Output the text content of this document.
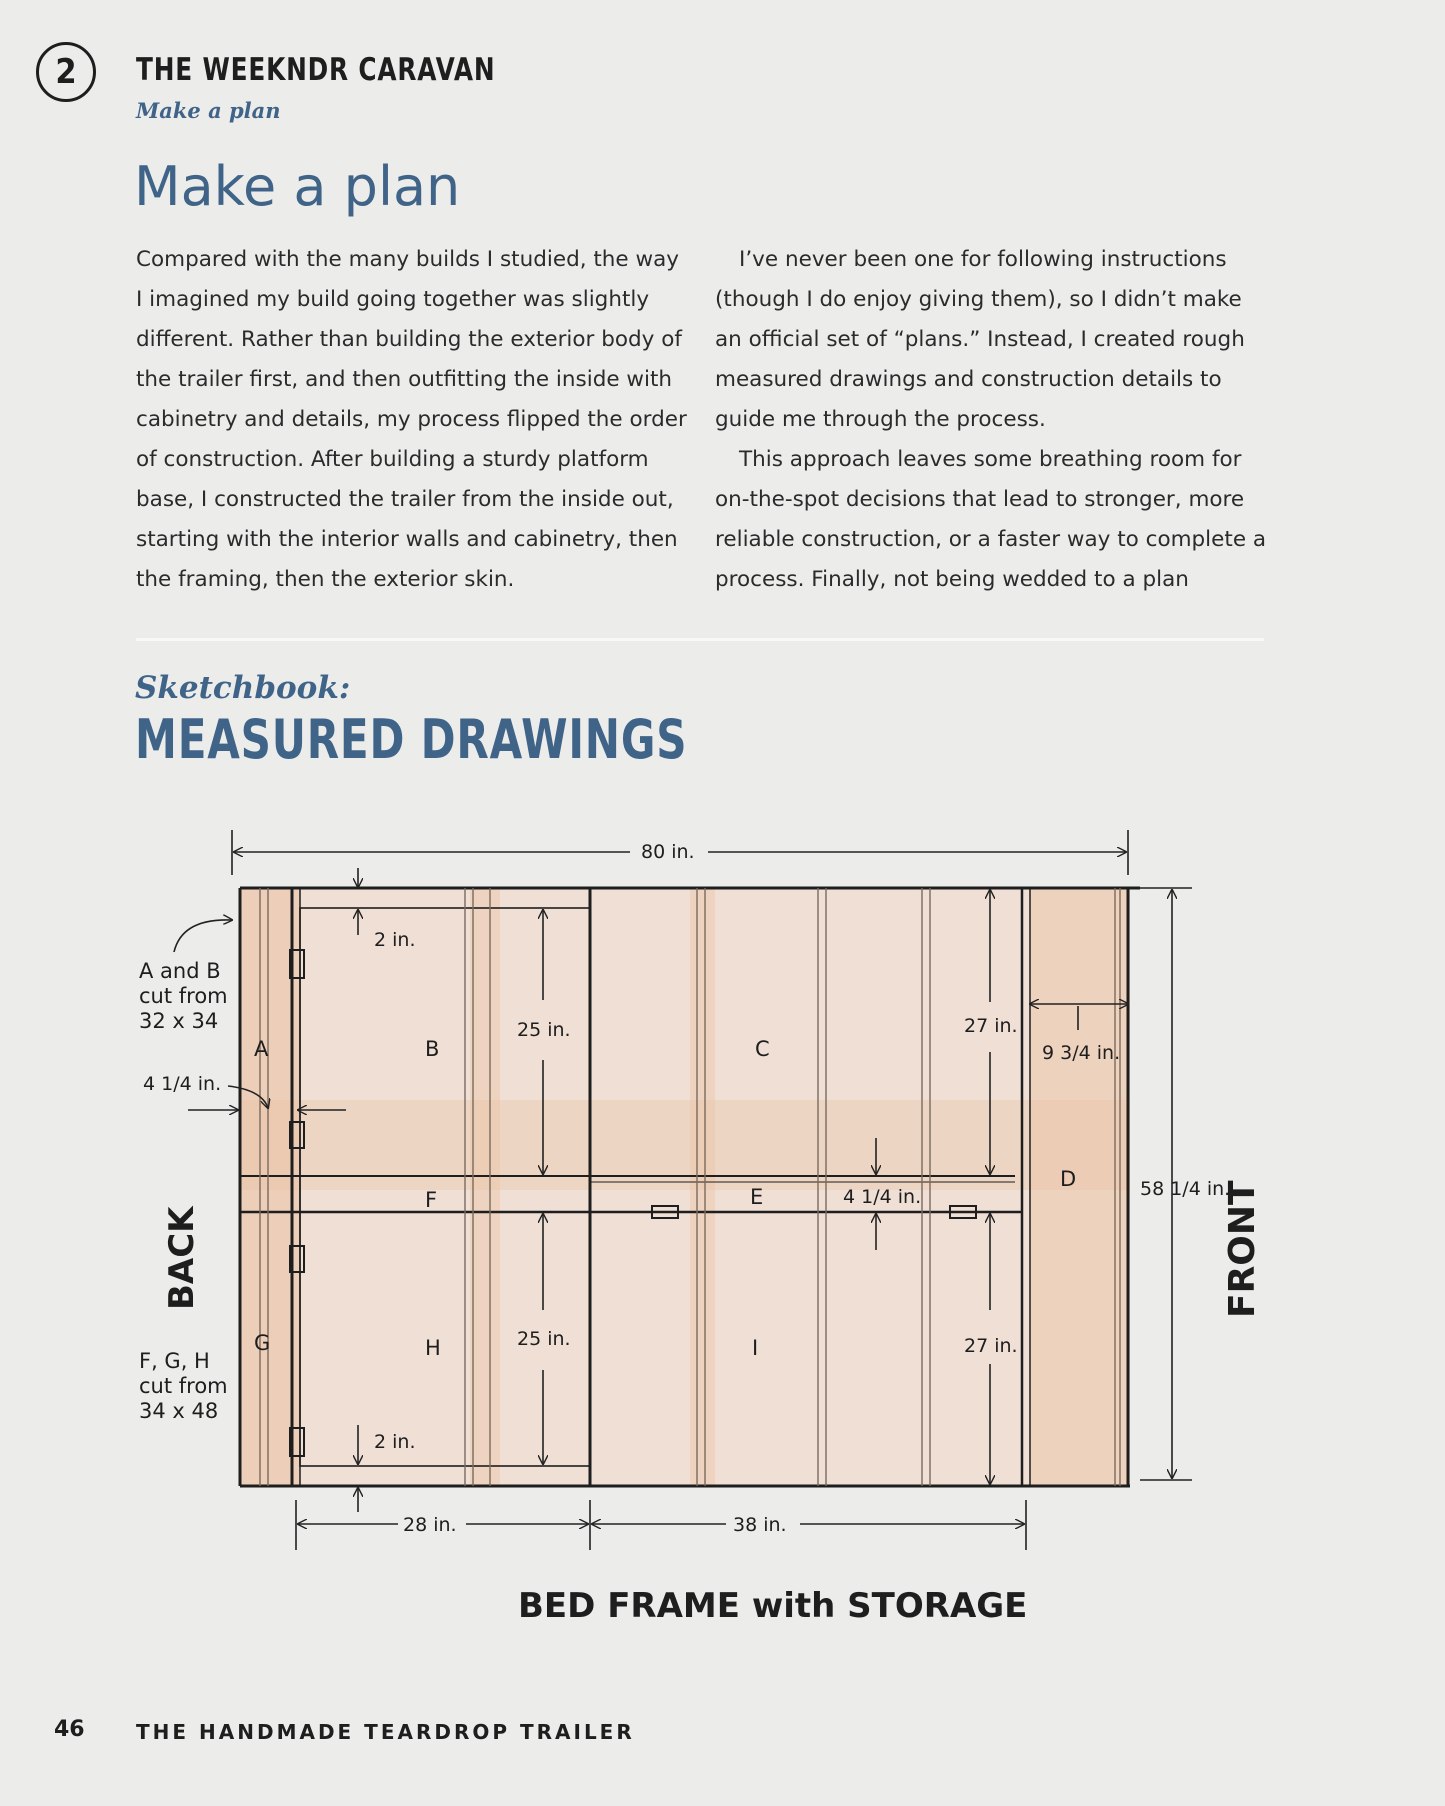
2	THE WEEKNDR CARAVAN
Make a plan
Make a plan

Compared with the many builds I studied, the way I imagined my build going together was slightly different. Rather than building the exterior body of the trailer first, and then outfitting the inside with cabinetry and details, my process flipped the order of construction. After building a sturdy platform base, I constructed the trailer from the inside out, starting with the interior walls and cabinetry, then the framing, then the exterior skin.

I’ve never been one for following instructions (though I do enjoy giving them), so I didn’t make an official set of “plans.” Instead, I created rough measured drawings and construction details to guide me through the process.

This approach leaves some breathing room for on-the-spot decisions that lead to stronger, more reliable construction, or a faster way to complete a process. Finally, not being wedded to a plan

Sketchbook:
MEASURED DRAWINGS
80 in.
58 1/4 in.
2 in.
2 in.
25 in.
25 in.
27 in.
27 in.
9 3/4 in.
4 1/4 in.
4 1/4 in.
28 in.	38 in.
A	B	C
D
E
F
G	H	I
A and B
cut from
32 x 34
F, G, H
cut from
34 x 48
BACK	FRONT
BED FRAME with STORAGE
46	THE HANDMADE TEARDROP TRAILER
